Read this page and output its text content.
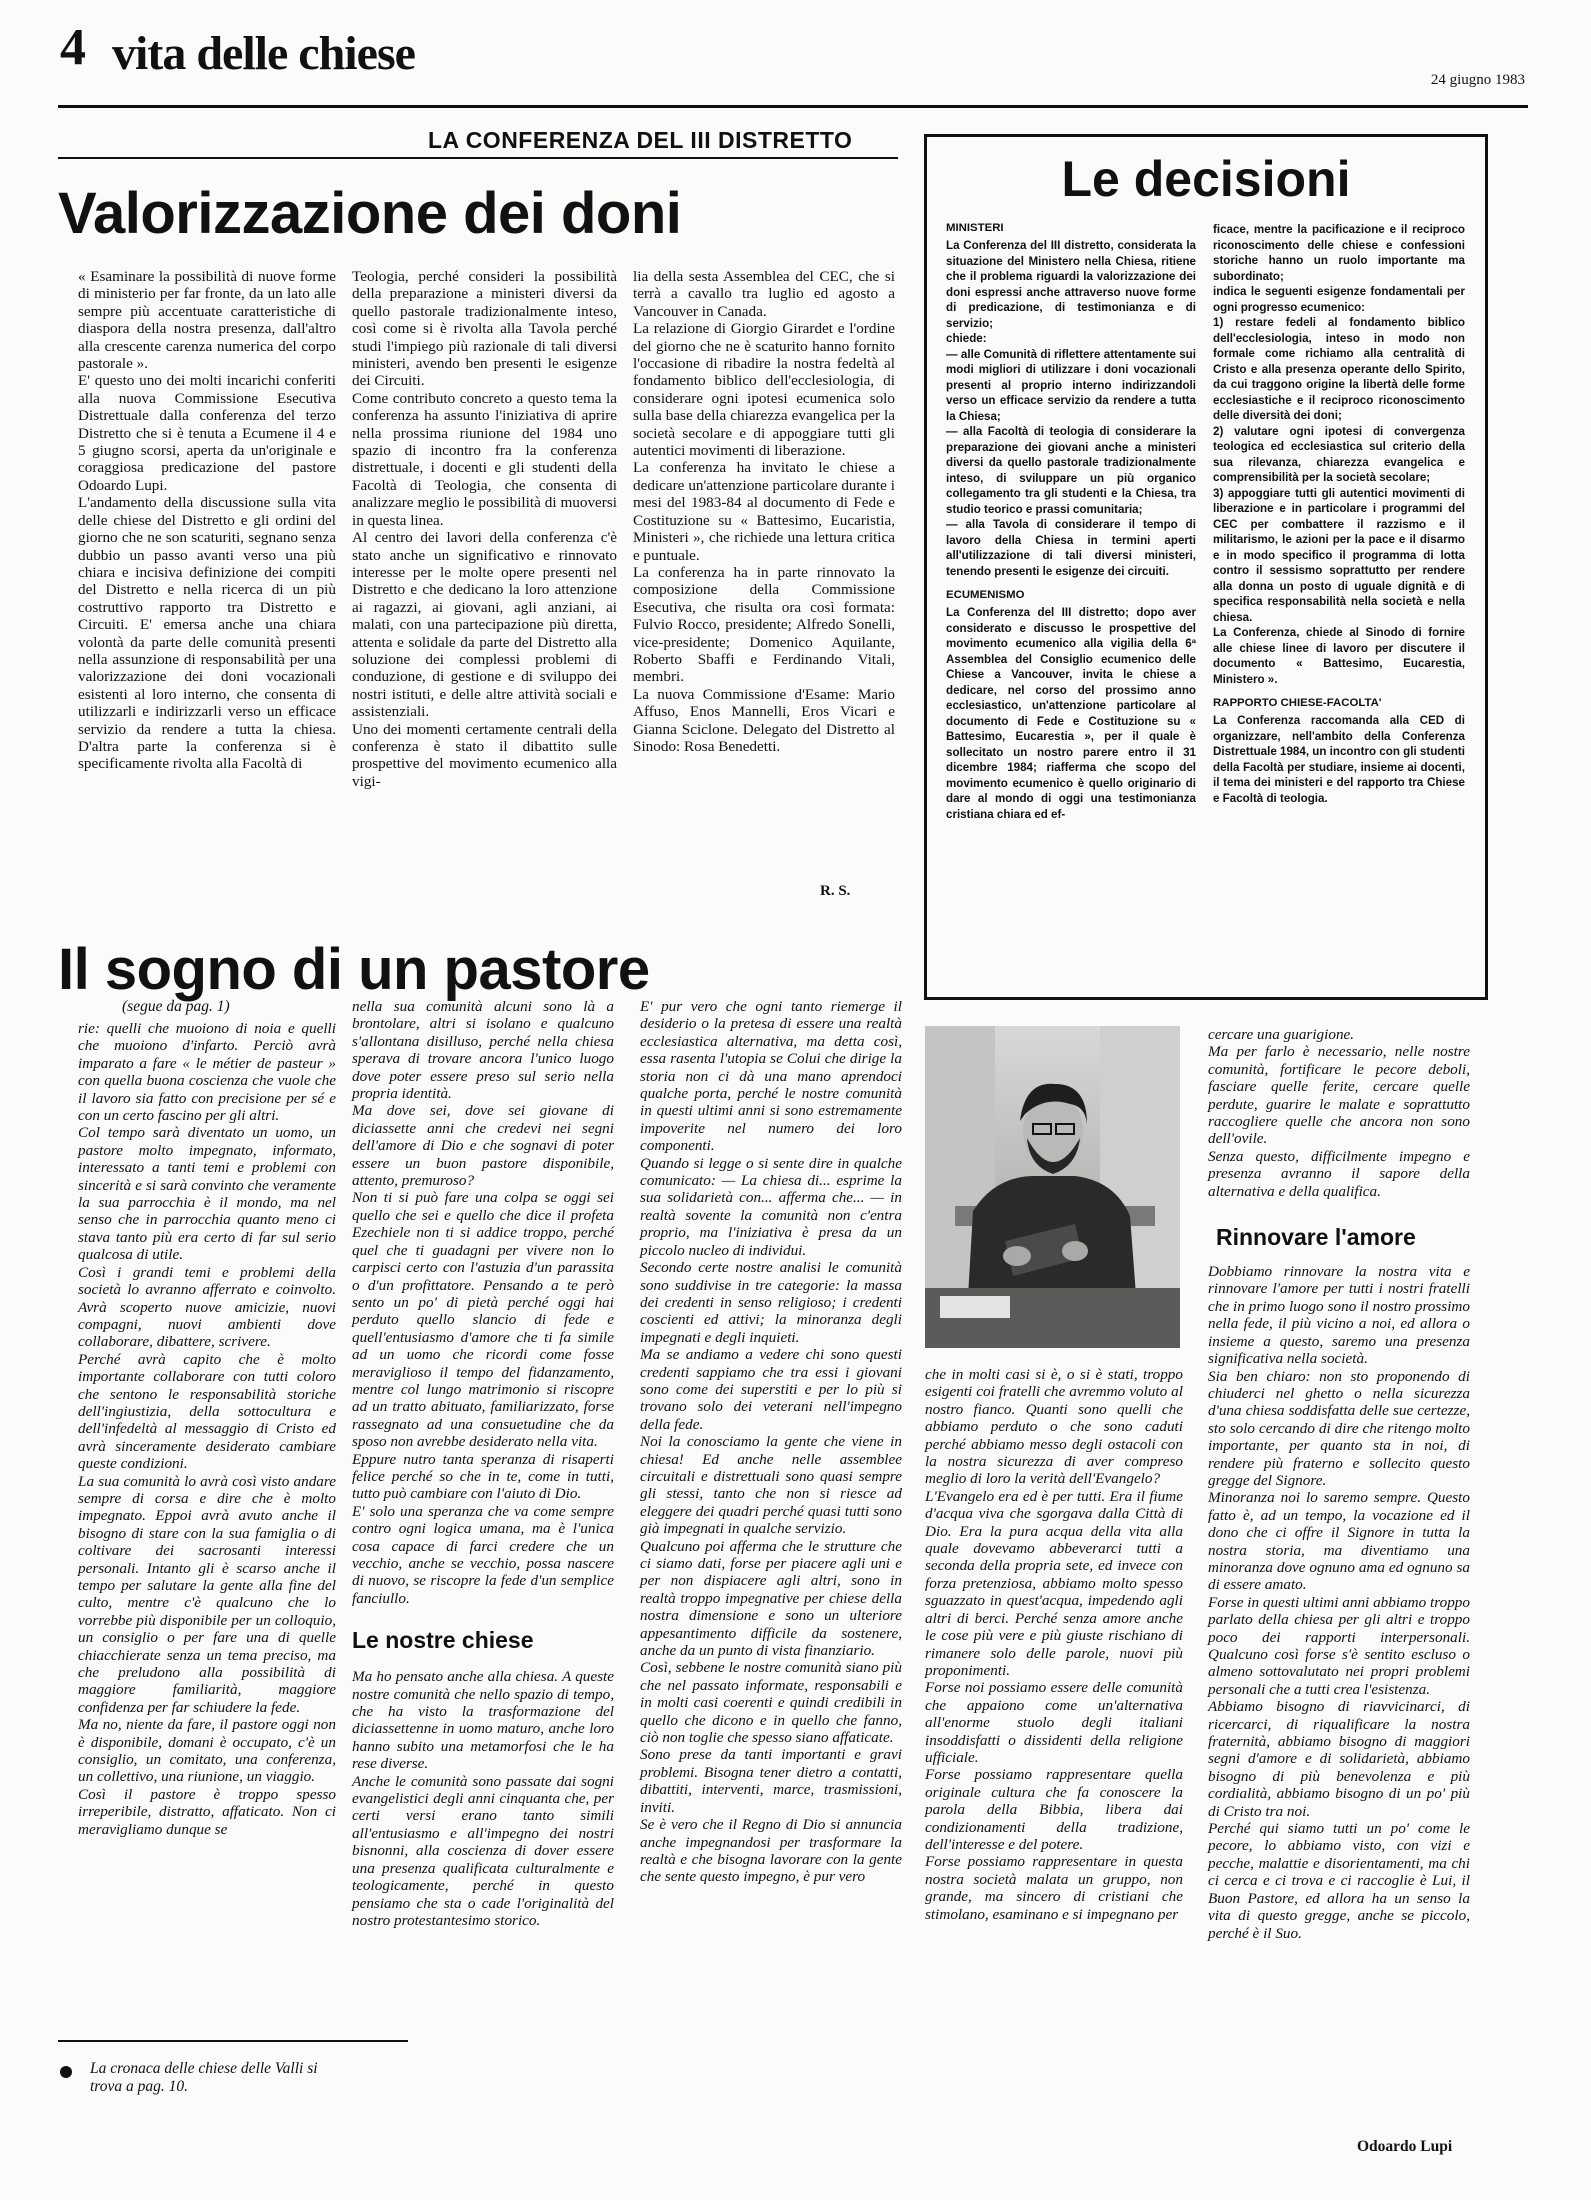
4 vita delle chiese	24 giugno 1983
LA CONFERENZA DEL III DISTRETTO
Valorizzazione dei doni

« Esaminare la possibilità di nuove forme di ministerio per far fronte, da un lato alle sempre più accentuate caratteristiche di diaspora della nostra presenza, dall'altro alla crescente carenza numerica del corpo pastorale ».
E' questo uno dei molti incarichi conferiti alla nuova Commissione Esecutiva Distrettuale dalla conferenza del terzo Distretto che si è tenuta a Ecumene il 4 e 5 giugno scorsi, aperta da un'originale e coraggiosa predicazione del pastore Odoardo Lupi.
L'andamento della discussione sulla vita delle chiese del Distretto e gli ordini del giorno che ne son scaturiti, segnano senza dubbio un passo avanti verso una più chiara e incisiva definizione dei compiti del Distretto e nella ricerca di un più costruttivo rapporto tra Distretto e Circuiti. E' emersa anche una chiara volontà da parte delle comunità presenti nella assunzione di responsabilità per una valorizzazione dei doni vocazionali esistenti al loro interno, che consenta di utilizzarli e indirizzarli verso un efficace servizio da rendere a tutta la chiesa. D'altra parte la conferenza si è specificamente rivolta alla Facoltà di

Teologia, perché consideri la possibilità della preparazione a ministeri diversi da quello pastorale tradizionalmente inteso, così come si è rivolta alla Tavola perché studi l'impiego più razionale di tali diversi ministeri, avendo ben presenti le esigenze dei Circuiti.
Come contributo concreto a questo tema la conferenza ha assunto l'iniziativa di aprire nella prossima riunione del 1984 uno spazio di incontro fra la conferenza distrettuale, i docenti e gli studenti della Facoltà di Teologia, che consenta di analizzare meglio le possibilità di muoversi in questa linea.
Al centro dei lavori della conferenza c'è stato anche un significativo e rinnovato interesse per le molte opere presenti nel Distretto e che dedicano la loro attenzione ai ragazzi, ai giovani, agli anziani, ai malati, con una partecipazione più diretta, attenta e solidale da parte del Distretto alla soluzione dei complessi problemi di conduzione, di gestione e di sviluppo dei nostri istituti, e delle altre attività sociali e assistenziali.
Uno dei momenti certamente centrali della conferenza è stato il dibattito sulle prospettive del movimento ecumenico alla vigi-

lia della sesta Assemblea del CEC, che si terrà a cavallo tra luglio ed agosto a Vancouver in Canada.
La relazione di Giorgio Girardet e l'ordine del giorno che ne è scaturito hanno fornito l'occasione di ribadire la nostra fedeltà al fondamento biblico dell'ecclesiologia, di considerare ogni ipotesi ecumenica solo sulla base della chiarezza evangelica per la società secolare e di appoggiare tutti gli autentici movimenti di liberazione.
La conferenza ha invitato le chiese a dedicare un'attenzione particolare durante i mesi del 1983-84 al documento di Fede e Costituzione su « Battesimo, Eucaristia, Ministeri », che richiede una lettura critica e puntuale.
La conferenza ha in parte rinnovato la composizione della Commissione Esecutiva, che risulta ora così formata: Fulvio Rocco, presidente; Alfredo Sonelli, vice-presidente; Domenico Aquilante, Roberto Sbaffi e Ferdinando Vitali, membri.
La nuova Commissione d'Esame: Mario Affuso, Enos Mannelli, Eros Vicari e Gianna Sciclone. Delegato del Distretto al Sinodo: Rosa Benedetti.

R. S.
Le decisioni

MINISTERI

La Conferenza del III distretto, considerata la situazione del Ministero nella Chiesa, ritiene che il problema riguardi la valorizzazione dei doni espressi anche attraverso nuove forme di predicazione, di testimonianza e di servizio;
chiede:
— alle Comunità di riflettere attentamente sui modi migliori di utilizzare i doni vocazionali presenti al proprio interno indirizzandoli verso un efficace servizio da rendere a tutta la Chiesa;
— alla Facoltà di teologia di considerare la preparazione dei giovani anche a ministeri diversi da quello pastorale tradizionalmente inteso, di sviluppare un più organico collegamento tra gli studenti e la Chiesa, tra studio teorico e prassi comunitaria;
— alla Tavola di considerare il tempo di lavoro della Chiesa in termini aperti all'utilizzazione di tali diversi ministeri, tenendo presenti le esigenze dei circuiti.

ECUMENISMO

La Conferenza del III distretto; dopo aver considerato e discusso le prospettive del movimento ecumenico alla vigilia della 6ª Assemblea del Consiglio ecumenico delle Chiese a Vancouver, invita le chiese a dedicare, nel corso del prossimo anno ecclesiastico, un'attenzione particolare al documento di Fede e Costituzione su « Battesimo, Eucarestia », per il quale è sollecitato un nostro parere entro il 31 dicembre 1984; riafferma che scopo del movimento ecumenico è quello originario di dare al mondo di oggi una testimonianza cristiana chiara ed ef-

ficace, mentre la pacificazione e il reciproco riconoscimento delle chiese e confessioni storiche hanno un ruolo importante ma subordinato;
indica le seguenti esigenze fondamentali per ogni progresso ecumenico:
1) restare fedeli al fondamento biblico dell'ecclesiologia, inteso in modo non formale come richiamo alla centralità di Cristo e alla presenza operante dello Spirito, da cui traggono origine la libertà delle forme ecclesiastiche e il reciproco riconoscimento delle diversità dei doni;
2) valutare ogni ipotesi di convergenza teologica ed ecclesiastica sul criterio della sua rilevanza, chiarezza evangelica e comprensibilità per la società secolare;
3) appoggiare tutti gli autentici movimenti di liberazione e in particolare i programmi del CEC per combattere il razzismo e il militarismo, le azioni per la pace e il disarmo e in modo specifico il programma di lotta contro il sessismo soprattutto per rendere alla donna un posto di uguale dignità e di specifica responsabilità nella società e nella chiesa.
La Conferenza, chiede al Sinodo di fornire alle chiese linee di lavoro per discutere il documento « Battesimo, Eucarestia, Ministero ».

RAPPORTO CHIESE-FACOLTA'

La Conferenza raccomanda alla CED di organizzare, nell'ambito della Conferenza Distrettuale 1984, un incontro con gli studenti della Facoltà per studiare, insieme ai docenti, il tema dei ministeri e del rapporto tra Chiese e Facoltà di teologia.

Il sogno di un pastore
(segue da pag. 1)

rie: quelli che muoiono di noia e quelli che muoiono d'infarto. Perciò avrà imparato a fare « le métier de pasteur » con quella buona coscienza che vuole che il lavoro sia fatto con precisione per sé e con un certo fascino per gli altri.
Col tempo sarà diventato un uomo, un pastore molto impegnato, informato, interessato a tanti temi e problemi con sincerità e si sarà convinto che veramente la sua parrocchia è il mondo, ma nel senso che in parrocchia quanto meno ci stava tanto più era certo di far sul serio qualcosa di utile.
Così i grandi temi e problemi della società lo avranno afferrato e coinvolto. Avrà scoperto nuove amicizie, nuovi compagni, nuovi ambienti dove collaborare, dibattere, scrivere.
Perché avrà capito che è molto importante collaborare con tutti coloro che sentono le responsabilità storiche dell'ingiustizia, della sottocultura e dell'infedeltà al messaggio di Cristo ed avrà sinceramente desiderato cambiare queste condizioni.
La sua comunità lo avrà così visto andare sempre di corsa e dire che è molto impegnato. Eppoi avrà avuto anche il bisogno di stare con la sua famiglia o di coltivare dei sacrosanti interessi personali. Intanto gli è scarso anche il tempo per salutare la gente alla fine del culto, mentre c'è qualcuno che lo vorrebbe più disponibile per un colloquio, un consiglio o per fare una di quelle chiacchierate senza un tema preciso, ma che preludono alla possibilità di maggiore familiarità, maggiore confidenza per far schiudere la fede.
Ma no, niente da fare, il pastore oggi non è disponibile, domani è occupato, c'è un consiglio, un comitato, una conferenza, un collettivo, una riunione, un viaggio.
Così il pastore è troppo spesso irreperibile, distratto, affaticato. Non ci meravigliamo dunque se

nella sua comunità alcuni sono là a brontolare, altri si isolano e qualcuno s'allontana disilluso, perché nella chiesa sperava di trovare ancora l'unico luogo dove poter essere preso sul serio nella propria identità.
Ma dove sei, dove sei giovane di diciassette anni che credevi nei segni dell'amore di Dio e che sognavi di poter essere un buon pastore disponibile, attento, premuroso?
Non ti si può fare una colpa se oggi sei quello che sei e quello che dice il profeta Ezechiele non ti si addice troppo, perché quel che ti guadagni per vivere non lo carpisci certo con l'astuzia d'un parassita o d'un profittatore. Pensando a te però sento un po' di pietà perché oggi hai perduto quello slancio di fede e quell'entusiasmo d'amore che ti fa simile ad un uomo che ricordi come fosse meraviglioso il tempo del fidanzamento, mentre col lungo matrimonio si riscopre ad un tratto abituato, familiarizzato, forse rassegnato ad una consuetudine che da sposo non avrebbe desiderato nella vita.
Eppure nutro tanta speranza di risaperti felice perché so che in te, come in tutti, tutto può cambiare con l'aiuto di Dio.
E' solo una speranza che va come sempre contro ogni logica umana, ma è l'unica cosa capace di farci credere che un vecchio, anche se vecchio, possa nascere di nuovo, se riscopre la fede d'un semplice fanciullo.

Le nostre chiese

Ma ho pensato anche alla chiesa. A queste nostre comunità che nello spazio di tempo, che ha visto la trasformazione del diciassettenne in uomo maturo, anche loro hanno subito una metamorfosi che le ha rese diverse.
Anche le comunità sono passate dai sogni evangelistici degli anni cinquanta che, per certi versi erano tanto simili all'entusiasmo e all'impegno dei nostri bisnonni, alla coscienza di dover essere una presenza qualificata culturalmente e teologicamente, perché in questo pensiamo che sta o cade l'originalità del nostro protestantesimo storico.

E' pur vero che ogni tanto riemerge il desiderio o la pretesa di essere una realtà ecclesiastica alternativa, ma detta così, essa rasenta l'utopia se Colui che dirige la storia non ci dà una mano aprendoci qualche porta, perché le nostre comunità in questi ultimi anni si sono estremamente impoverite nel numero dei loro componenti.
Quando si legge o si sente dire in qualche comunicato: — La chiesa di... esprime la sua solidarietà con... afferma che... — in realtà sovente la comunità non c'entra proprio, ma l'iniziativa è presa da un piccolo nucleo di individui.
Secondo certe nostre analisi le comunità sono suddivise in tre categorie: la massa dei credenti in senso religioso; i credenti coscienti ed attivi; la minoranza degli impegnati e degli inquieti.
Ma se andiamo a vedere chi sono questi credenti sappiamo che tra essi i giovani sono come dei superstiti e per lo più si trovano solo dei veterani nell'impegno della fede.
Noi la conosciamo la gente che viene in chiesa! Ed anche nelle assemblee circuitali e distrettuali sono quasi sempre gli stessi, tanto che non si riesce ad eleggere dei quadri perché quasi tutti sono già impegnati in qualche servizio.
Qualcuno poi afferma che le strutture che ci siamo dati, forse per piacere agli uni e per non dispiacere agli altri, sono in realtà troppo impegnative per chiese della nostra dimensione e sono un ulteriore appesantimento difficile da sostenere, anche da un punto di vista finanziario.
Così, sebbene le nostre comunità siano più che nel passato informate, responsabili e in molti casi coerenti e quindi credibili in quello che dicono e in quello che fanno, ciò non toglie che spesso siano affaticate.
Sono prese da tanti importanti e gravi problemi. Bisogna tener dietro a contatti, dibattiti, interventi, marce, trasmissioni, inviti.
Se è vero che il Regno di Dio si annuncia anche impegnandosi per trasformare la realtà e che bisogna lavorare con la gente che sente questo impegno, è pur vero

che in molti casi si è, o si è stati, troppo esigenti coi fratelli che avremmo voluto al nostro fianco. Quanti sono quelli che abbiamo perduto o che sono caduti perché abbiamo messo degli ostacoli con la nostra sicurezza di aver compreso meglio di loro la verità dell'Evangelo?
L'Evangelo era ed è per tutti. Era il fiume d'acqua viva che sgorgava dalla Città di Dio. Era la pura acqua della vita alla quale dovevamo abbeverarci tutti a seconda della propria sete, ed invece con forza pretenziosa, abbiamo molto spesso sguazzato in quest'acqua, impedendo agli altri di berci. Perché senza amore anche le cose più vere e più giuste rischiano di rimanere solo delle parole, nuovi più proponimenti.
Forse noi possiamo essere delle comunità che appaiono come un'alternativa all'enorme stuolo degli italiani insoddisfatti o dissidenti della religione ufficiale.
Forse possiamo rappresentare quella originale cultura che fa conoscere la parola della Bibbia, libera dai condizionamenti della tradizione, dell'interesse e del potere.
Forse possiamo rappresentare in questa nostra società malata un gruppo, non grande, ma sincero di cristiani che stimolano, esaminano e si impegnano per

cercare una guarigione.
Ma per farlo è necessario, nelle nostre comunità, fortificare le pecore deboli, fasciare quelle ferite, cercare quelle perdute, guarire le malate e soprattutto raccogliere quelle che ancora non sono dell'ovile.
Senza questo, difficilmente impegno e presenza avranno il sapore della alternativa e della qualifica.

Rinnovare l'amore

Dobbiamo rinnovare la nostra vita e rinnovare l'amore per tutti i nostri fratelli che in primo luogo sono il nostro prossimo nella fede, il più vicino a noi, ed allora o insieme a questo, saremo una presenza significativa nella società.
Sia ben chiaro: non sto proponendo di chiuderci nel ghetto o nella sicurezza d'una chiesa soddisfatta delle sue certezze, sto solo cercando di dire che ritengo molto importante, per quanto sta in noi, di rendere più fraterno e sollecito questo gregge del Signore.
Minoranza noi lo saremo sempre. Questo fatto è, ad un tempo, la vocazione ed il dono che ci offre il Signore in tutta la nostra storia, ma diventiamo una minoranza dove ognuno ama ed ognuno sa di essere amato.
Forse in questi ultimi anni abbiamo troppo parlato della chiesa per gli altri e troppo poco dei rapporti interpersonali. Qualcuno così forse s'è sentito escluso o almeno sottovalutato nei propri problemi personali che a tutti crea l'esistenza.
Abbiamo bisogno di riavvicinarci, di ricercarci, di riqualificare la nostra fraternità, abbiamo bisogno di maggiori segni d'amore e di solidarietà, abbiamo bisogno di più benevolenza e più cordialità, abbiamo bisogno di un po' più di Cristo tra noi.
Perché qui siamo tutti un po' come le pecore, lo abbiamo visto, con vizi e pecche, malattie e disorientamenti, ma chi ci cerca e ci trova e ci raccoglie è Lui, il Buon Pastore, ed allora ha un senso la vita di questo gregge, anche se piccolo, perché è il Suo.

Odoardo Lupi
La cronaca delle chiese delle Valli si trova a pag. 10.
